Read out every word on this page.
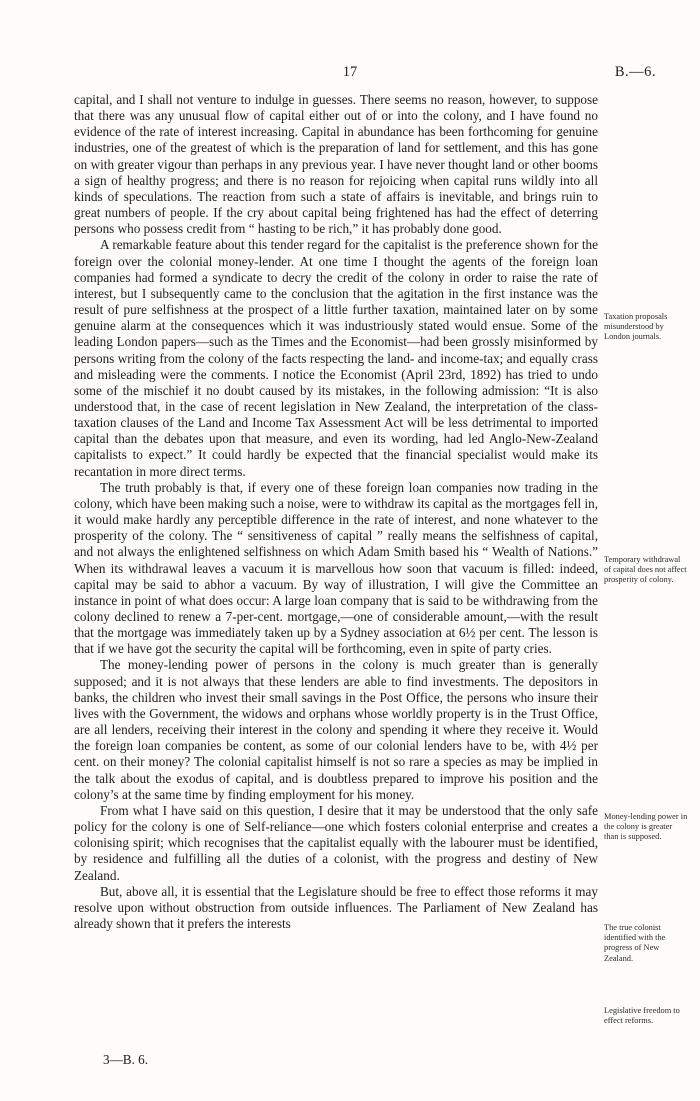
17	B.—6.

capital, and I shall not venture to indulge in guesses. There seems no reason, however, to suppose that there was any unusual flow of capital either out of or into the colony, and I have found no evidence of the rate of interest increasing. Capital in abundance has been forthcoming for genuine industries, one of the greatest of which is the preparation of land for settlement, and this has gone on with greater vigour than perhaps in any previous year. I have never thought land or other booms a sign of healthy progress; and there is no reason for rejoicing when capital runs wildly into all kinds of speculations. The reaction from such a state of affairs is inevitable, and brings ruin to great numbers of people. If the cry about capital being frightened has had the effect of deterring persons who possess credit from “ hasting to be rich,” it has probably done good.

A remarkable feature about this tender regard for the capitalist is the preference shown for the foreign over the colonial money-lender. At one time I thought the agents of the foreign loan companies had formed a syndicate to decry the credit of the colony in order to raise the rate of interest, but I subsequently came to the conclusion that the agitation in the first instance was the result of pure selfishness at the prospect of a little further taxation, maintained later on by some genuine alarm at the consequences which it was industriously stated would ensue. Some of the leading London papers—such as the Times and the Economist—had been grossly misinformed by persons writing from the colony of the facts respecting the land- and income-tax; and equally crass and misleading were the comments. I notice the Economist (April 23rd, 1892) has tried to undo some of the mischief it no doubt caused by its mistakes, in the following admission: “It is also understood that, in the case of recent legislation in New Zealand, the interpretation of the class-taxation clauses of the Land and Income Tax Assessment Act will be less detrimental to imported capital than the debates upon that measure, and even its wording, had led Anglo-New-Zealand capitalists to expect.” It could hardly be expected that the financial specialist would make its recantation in more direct terms.

The truth probably is that, if every one of these foreign loan companies now trading in the colony, which have been making such a noise, were to withdraw its capital as the mortgages fell in, it would make hardly any perceptible difference in the rate of interest, and none whatever to the prosperity of the colony. The “ sensitiveness of capital ” really means the selfishness of capital, and not always the enlightened selfishness on which Adam Smith based his “ Wealth of Nations.” When its withdrawal leaves a vacuum it is marvellous how soon that vacuum is filled: indeed, capital may be said to abhor a vacuum. By way of illustration, I will give the Committee an instance in point of what does occur: A large loan company that is said to be withdrawing from the colony declined to renew a 7-per-cent. mortgage,—one of considerable amount,—with the result that the mortgage was immediately taken up by a Sydney association at 6½ per cent. The lesson is that if we have got the security the capital will be forthcoming, even in spite of party cries.

The money-lending power of persons in the colony is much greater than is generally supposed; and it is not always that these lenders are able to find investments. The depositors in banks, the children who invest their small savings in the Post Office, the persons who insure their lives with the Government, the widows and orphans whose worldly property is in the Trust Office, are all lenders, receiving their interest in the colony and spending it where they receive it. Would the foreign loan companies be content, as some of our colonial lenders have to be, with 4½ per cent. on their money? The colonial capitalist himself is not so rare a species as may be implied in the talk about the exodus of capital, and is doubtless prepared to improve his position and the colony’s at the same time by finding employment for his money.

From what I have said on this question, I desire that it may be understood that the only safe policy for the colony is one of Self-reliance—one which fosters colonial enterprise and creates a colonising spirit; which recognises that the capitalist equally with the labourer must be identified, by residence and fulfilling all the duties of a colonist, with the progress and destiny of New Zealand.

But, above all, it is essential that the Legislature should be free to effect those reforms it may resolve upon without obstruction from outside influences. The Parliament of New Zealand has already shown that it prefers the interests

Taxation proposals misunderstood by London journals.
Temporary withdrawal of capital does not affect prosperity of colony.
Money-lending power in the colony is greater than is supposed.
The true colonist identified with the progress of New Zealand.
Legislative freedom to effect reforms.
3—B. 6.
